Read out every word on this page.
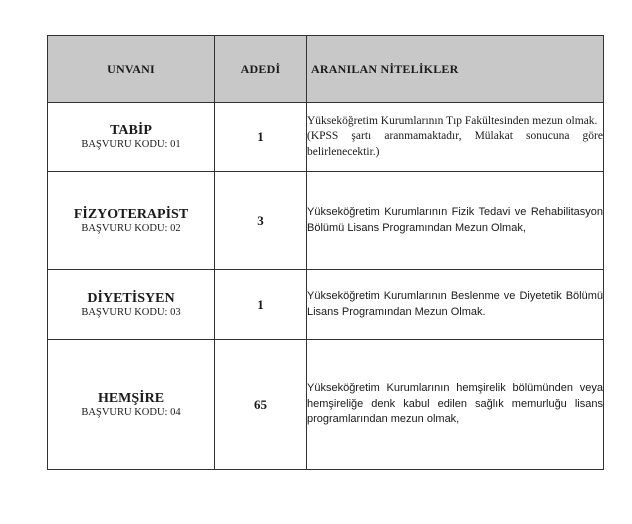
UNVANI	ADEDİ	ARANILAN NİTELİKLER

TABİP
BAŞVURU KODU: 01	1	Yükseköğretim Kurumlarının Tıp Fakültesinden mezun olmak.
(KPSS şartı aranmamaktadır, Mülakat sonucuna göre belirlenecektir.)

FİZYOTERAPİST
BAŞVURU KODU: 02	3	Yükseköğretim Kurumlarının Fizik Tedavi ve Rehabilitasyon Bölümü Lisans Programından Mezun Olmak,

DİYETİSYEN
BAŞVURU KODU: 03	1	Yükseköğretim Kurumlarının Beslenme ve Diyetetik Bölümü Lisans Programından Mezun Olmak.

HEMŞİRE
BAŞVURU KODU: 04	65	Yükseköğretim Kurumlarının hemşirelik bölümünden veya hemşireliğe denk kabul edilen sağlık memurluğu lisans programlarından mezun olmak,
